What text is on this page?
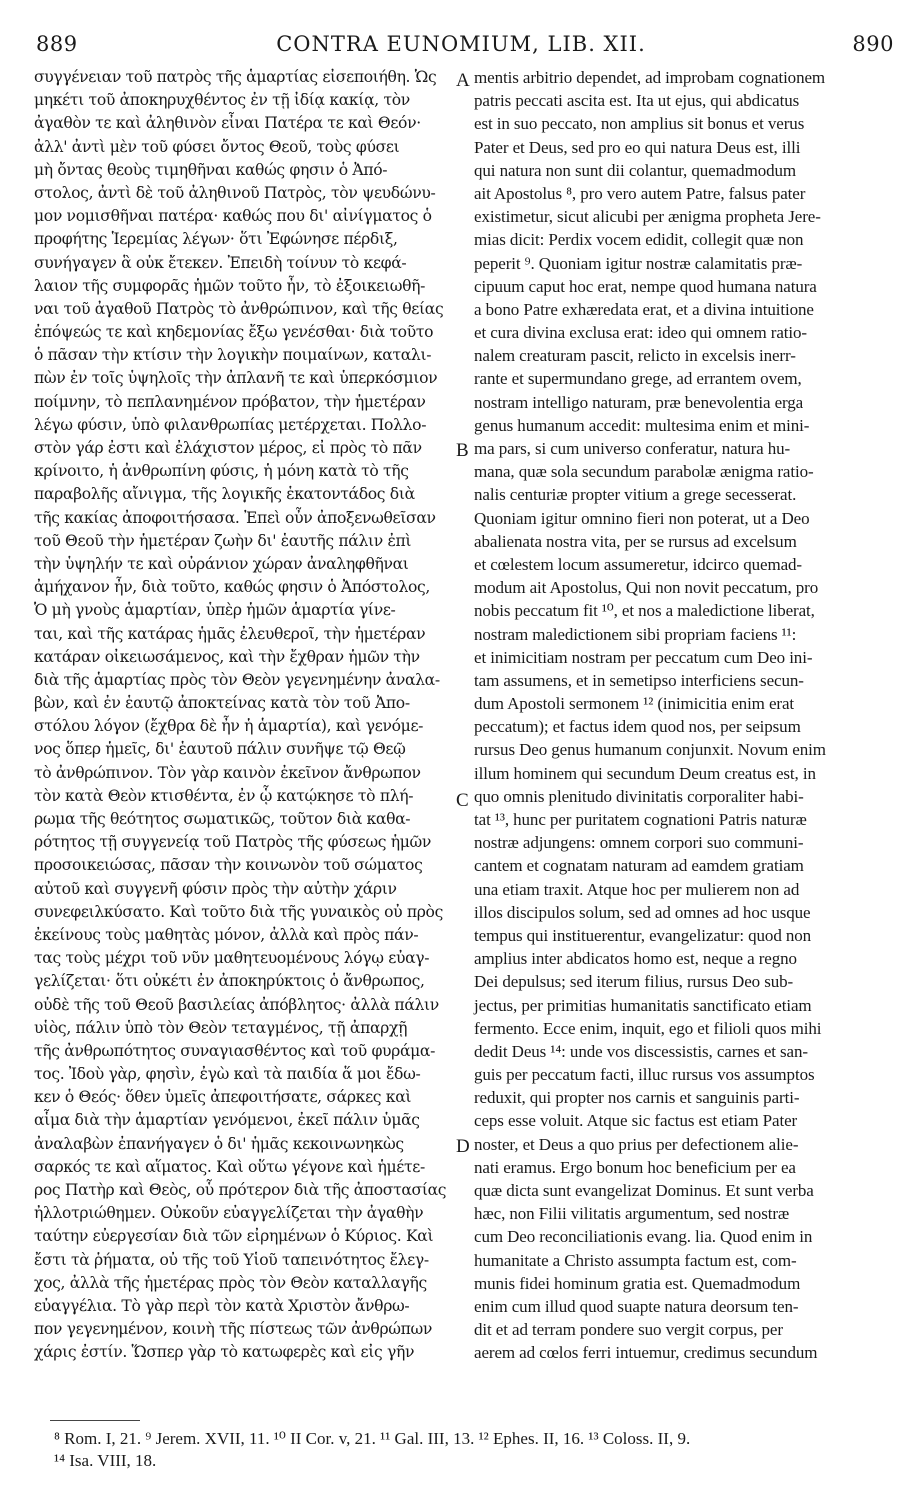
889	CONTRA EUNOMIUM, LIB. XII.	890
συγγένειαν τοῦ πατρὸς τῆς ἁμαρτίας εἰσεποιήθη. Ὡς
μηκέτι τοῦ ἀποκηρυχθέντος ἐν τῇ ἰδίᾳ κακίᾳ, τὸν
ἀγαθὸν τε καὶ ἀληθινὸν εἶναι Πατέρα τε καὶ Θεόν·
ἀλλ' ἀντὶ μὲν τοῦ φύσει ὄντος Θεοῦ, τοὺς φύσει
μὴ ὄντας θεοὺς τιμηθῆναι καθώς φησιν ὁ Ἀπό-
στολος, ἀντὶ δὲ τοῦ ἀληθινοῦ Πατρὸς, τὸν ψευδώνυ-
μον νομισθῆναι πατέρα· καθώς που δι' αἰνίγματος ὁ
προφήτης Ἱερεμίας λέγων· ὅτι Ἐφώνησε πέρδιξ,
συνήγαγεν ἃ οὐκ ἔτεκεν. Ἐπειδὴ τοίνυν τὸ κεφά-
λαιον τῆς συμφορᾶς ἡμῶν τοῦτο ἦν, τὸ ἐξοικειωθῆ-
ναι τοῦ ἀγαθοῦ Πατρὸς τὸ ἀνθρώπινον, καὶ τῆς θείας
ἐπόψεώς τε καὶ κηδεμονίας ἔξω γενέσθαι· διὰ τοῦτο
ὁ πᾶσαν τὴν κτίσιν τὴν λογικὴν ποιμαίνων, καταλι-
πὼν ἐν τοῖς ὑψηλοῖς τὴν ἀπλανῆ τε καὶ ὑπερκόσμιον
ποίμνην, τὸ πεπλανημένον πρόβατον, τὴν ἡμετέραν
λέγω φύσιν, ὑπὸ φιλανθρωπίας μετέρχεται. Πολλο-
στὸν γάρ ἐστι καὶ ἐλάχιστον μέρος, εἰ πρὸς τὸ πᾶν
κρίνοιτο, ἡ ἀνθρωπίνη φύσις, ἡ μόνη κατὰ τὸ τῆς
παραβολῆς αἴνιγμα, τῆς λογικῆς ἑκατοντάδος διὰ
τῆς κακίας ἀποφοιτήσασα. Ἐπεὶ οὖν ἀποξενωθεῖσαν
τοῦ Θεοῦ τὴν ἡμετέραν ζωὴν δι' ἑαυτῆς πάλιν ἐπὶ
τὴν ὑψηλήν τε καὶ οὐράνιον χώραν ἀναληφθῆναι
ἀμήχανον ἦν, διὰ τοῦτο, καθώς φησιν ὁ Ἀπόστολος,
Ὁ μὴ γνοὺς ἁμαρτίαν, ὑπὲρ ἡμῶν ἁμαρτία γίνε-
ται, καὶ τῆς κατάρας ἡμᾶς ἐλευθεροῖ, τὴν ἡμετέραν
κατάραν οἰκειωσάμενος, καὶ τὴν ἔχθραν ἡμῶν τὴν
διὰ τῆς ἁμαρτίας πρὸς τὸν Θεὸν γεγενημένην ἀναλα-
βὼν, καὶ ἐν ἑαυτῷ ἀποκτείνας κατὰ τὸν τοῦ Ἀπο-
στόλου λόγον (ἔχθρα δὲ ἦν ἡ ἁμαρτία), καὶ γενόμε-
νος ὅπερ ἡμεῖς, δι' ἑαυτοῦ πάλιν συνῆψε τῷ Θεῷ
τὸ ἀνθρώπινον. Τὸν γὰρ καινὸν ἐκεῖνον ἄνθρωπον
τὸν κατὰ Θεὸν κτισθέντα, ἐν ᾧ κατῴκησε τὸ πλή-
ρωμα τῆς θεότητος σωματικῶς, τοῦτον διὰ καθα-
ρότητος τῇ συγγενείᾳ τοῦ Πατρὸς τῆς φύσεως ἡμῶν
προσοικειώσας, πᾶσαν τὴν κοινωνὸν τοῦ σώματος
αὐτοῦ καὶ συγγενῆ φύσιν πρὸς τὴν αὐτὴν χάριν
συνεφειλκύσατο. Καὶ τοῦτο διὰ τῆς γυναικὸς οὐ πρὸς
ἐκείνους τοὺς μαθητὰς μόνον, ἀλλὰ καὶ πρὸς πάν-
τας τοὺς μέχρι τοῦ νῦν μαθητευομένους λόγῳ εὐαγ-
γελίζεται· ὅτι οὐκέτι ἐν ἀποκηρύκτοις ὁ ἄνθρωπος,
οὐδὲ τῆς τοῦ Θεοῦ βασιλείας ἀπόβλητος· ἀλλὰ πάλιν
υἱὸς, πάλιν ὑπὸ τὸν Θεὸν τεταγμένος, τῇ ἀπαρχῇ
τῆς ἀνθρωπότητος συναγιασθέντος καὶ τοῦ φυράμα-
τος. Ἰδοὺ γὰρ, φησὶν, ἐγὼ καὶ τὰ παιδία ἅ μοι ἔδω-
κεν ὁ Θεός· ὅθεν ὑμεῖς ἀπεφοιτήσατε, σάρκες καὶ
αἷμα διὰ τὴν ἁμαρτίαν γενόμενοι, ἐκεῖ πάλιν ὑμᾶς
ἀναλαβὼν ἐπανήγαγεν ὁ δι' ἡμᾶς κεκοινωνηκὼς
σαρκός τε καὶ αἵματος. Καὶ οὕτω γέγονε καὶ ἡμέτε-
ρος Πατὴρ καὶ Θεὸς, οὗ πρότερον διὰ τῆς ἀποστασίας
ἠλλοτριώθημεν. Οὐκοῦν εὐαγγελίζεται τὴν ἀγαθὴν
ταύτην εὐεργεσίαν διὰ τῶν εἰρημένων ὁ Κύριος. Καὶ
ἔστι τὰ ῥήματα, οὐ τῆς τοῦ Υἱοῦ ταπεινότητος ἔλεγ-
χος, ἀλλὰ τῆς ἡμετέρας πρὸς τὸν Θεὸν καταλλαγῆς
εὐαγγέλια. Τὸ γὰρ περὶ τὸν κατὰ Χριστὸν ἄνθρω-
πον γεγενημένον, κοινὴ τῆς πίστεως τῶν ἀνθρώπων
χάρις ἐστίν. Ὥσπερ γὰρ τὸ κατωφερὲς καὶ εἰς γῆν
mentis arbitrio dependet, ad improbam cognationem
patris peccati ascita est. Ita ut ejus, qui abdicatus
est in suo peccato, non amplius sit bonus et verus
Pater et Deus, sed pro eo qui natura Deus est, illi
qui natura non sunt dii colantur, quemadmodum
ait Apostolus ⁸, pro vero autem Patre, falsus pater
existimetur, sicut alicubi per ænigma propheta Jere-
mias dicit: Perdix vocem edidit, collegit quæ non
peperit ⁹. Quoniam igitur nostræ calamitatis præ-
cipuum caput hoc erat, nempe quod humana natura
a bono Patre exhæredata erat, et a divina intuitione
et cura divina exclusa erat: ideo qui omnem ratio-
nalem creaturam pascit, relicto in excelsis inerr-
rante et supermundano grege, ad errantem ovem,
nostram intelligo naturam, præ benevolentia erga
genus humanum accedit: multesima enim et mini-
ma pars, si cum universo conferatur, natura hu-
mana, quæ sola secundum parabolæ ænigma ratio-
nalis centuriæ propter vitium a grege secesserat.
Quoniam igitur omnino fieri non poterat, ut a Deo
abalienata nostra vita, per se rursus ad excelsum
et cœlestem locum assumeretur, idcirco quemad-
modum ait Apostolus, Qui non novit peccatum, pro
nobis peccatum fit ¹⁰, et nos a maledictione liberat,
nostram maledictionem sibi propriam faciens ¹¹:
et inimicitiam nostram per peccatum cum Deo ini-
tam assumens, et in semetipso interficiens secun-
dum Apostoli sermonem ¹² (inimicitia enim erat
peccatum); et factus idem quod nos, per seipsum
rursus Deo genus humanum conjunxit. Novum enim
illum hominem qui secundum Deum creatus est, in
quo omnis plenitudo divinitatis corporaliter habi-
tat ¹³, hunc per puritatem cognationi Patris naturæ
nostræ adjungens: omnem corpori suo communi-
cantem et cognatam naturam ad eamdem gratiam
una etiam traxit. Atque hoc per mulierem non ad
illos discipulos solum, sed ad omnes ad hoc usque
tempus qui instituerentur, evangelizatur: quod non
amplius inter abdicatos homo est, neque a regno
Dei depulsus; sed iterum filius, rursus Deo sub-
jectus, per primitias humanitatis sanctificato etiam
fermento. Ecce enim, inquit, ego et filioli quos mihi
dedit Deus ¹⁴: unde vos discessistis, carnes et san-
guis per peccatum facti, illuc rursus vos assumptos
reduxit, qui propter nos carnis et sanguinis parti-
ceps esse voluit. Atque sic factus est etiam Pater
noster, et Deus a quo prius per defectionem alie-
nati eramus. Ergo bonum hoc beneficium per ea
quæ dicta sunt evangelizat Dominus. Et sunt verba
hæc, non Filii vilitatis argumentum, sed nostræ
cum Deo reconciliationis evang. lia. Quod enim in
humanitate a Christo assumpta factum est, com-
munis fidei hominum gratia est. Quemadmodum
enim cum illud quod suapte natura deorsum ten-
dit et ad terram pondere suo vergit corpus, per
aerem ad cœlos ferri intuemur, credimus secundum
A
B
C
D
⁸ Rom. I, 21. ⁹ Jerem. XVII, 11. ¹⁰ II Cor. v, 21. ¹¹ Gal. III, 13. ¹² Ephes. II, 16. ¹³ Coloss. II, 9.
¹⁴ Isa. VIII, 18.
